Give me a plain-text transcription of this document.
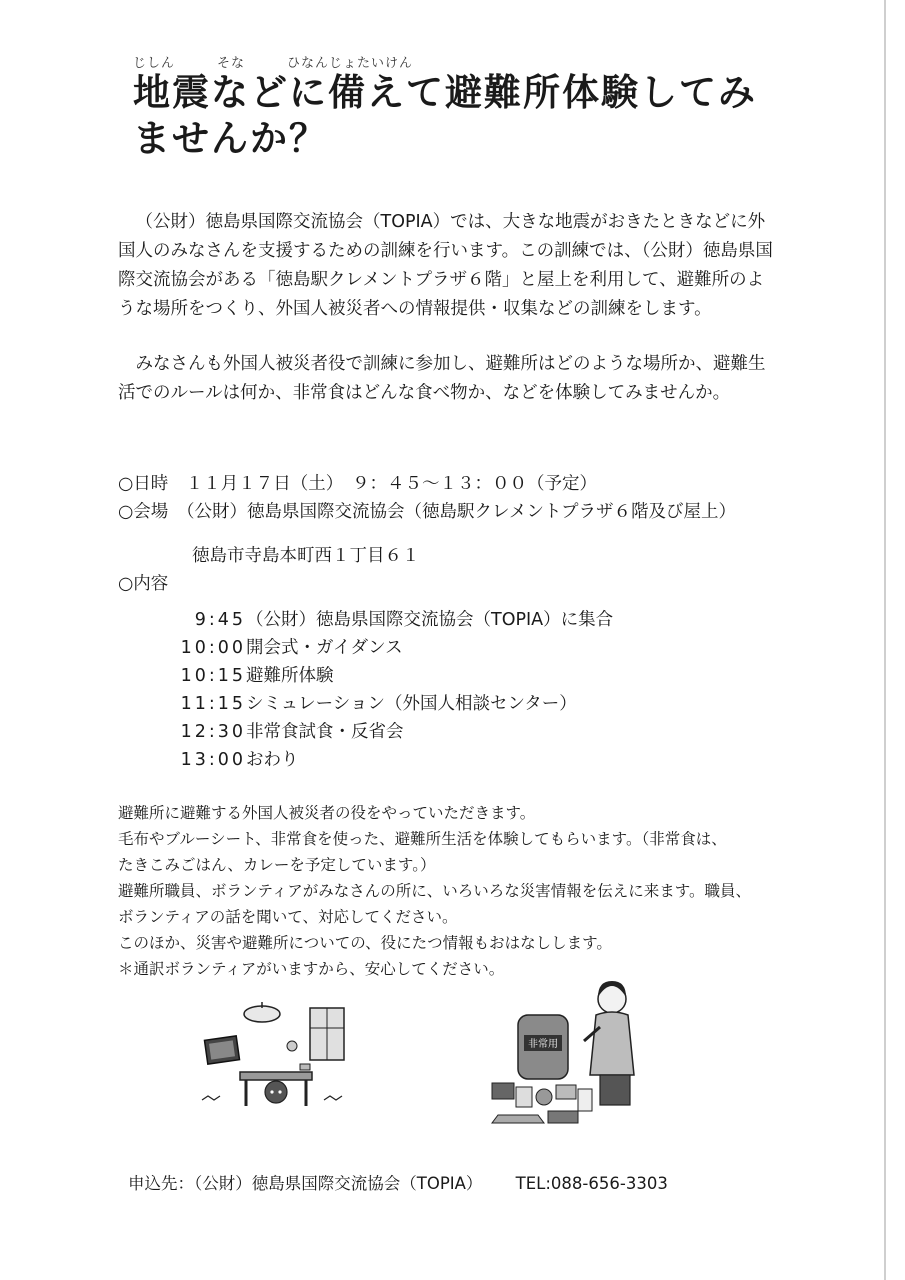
じしん　　　そな　　　ひなんじょたいけん
地震などに備えて避難所体験してみ
ませんか？

（公財）徳島県国際交流協会（TOPIA）では、大きな地震がおきたときなどに外国人のみなさんを支援するための訓練を行います。この訓練では、（公財）徳島県国際交流協会がある「徳島駅クレメントプラザ６階」と屋上を利用して、避難所のような場所をつくり、外国人被災者への情報提供・収集などの訓練をします。

みなさんも外国人被災者役で訓練に参加し、避難所はどのような場所か、避難生活でのルールは何か、非常食はどんな食べ物か、などを体験してみませんか。

○日時　１１月１７日（土）　９：４５～１３：００（予定）
○会場　（公財）徳島県国際交流協会（徳島駅クレメントプラザ６階及び屋上）
徳島市寺島本町西１丁目６１
○内容
9:45 （公財）徳島県国際交流協会（TOPIA）に集合
10:00 開会式・ガイダンス
10:15 避難所体験
11:15 シミュレーション（外国人相談センター）
12:30 非常食試食・反省会
13:00 おわり

避難所に避難する外国人被災者の役をやっていただきます。

毛布やブルーシート、非常食を使った、避難所生活を体験してもらいます。（非常食は、

たきこみごはん、カレーを予定しています。）

避難所職員、ボランティアがみなさんの所に、いろいろな災害情報を伝えに来ます。職員、

ボランティアの話を聞いて、対応してください。

このほか、災害や避難所についての、役にたつ情報もおはなしします。

＊通訳ボランティアがいますから、安心してください。

非常用
申込先：（公財）徳島県国際交流協会（TOPIA） TEL:088-656-3303
